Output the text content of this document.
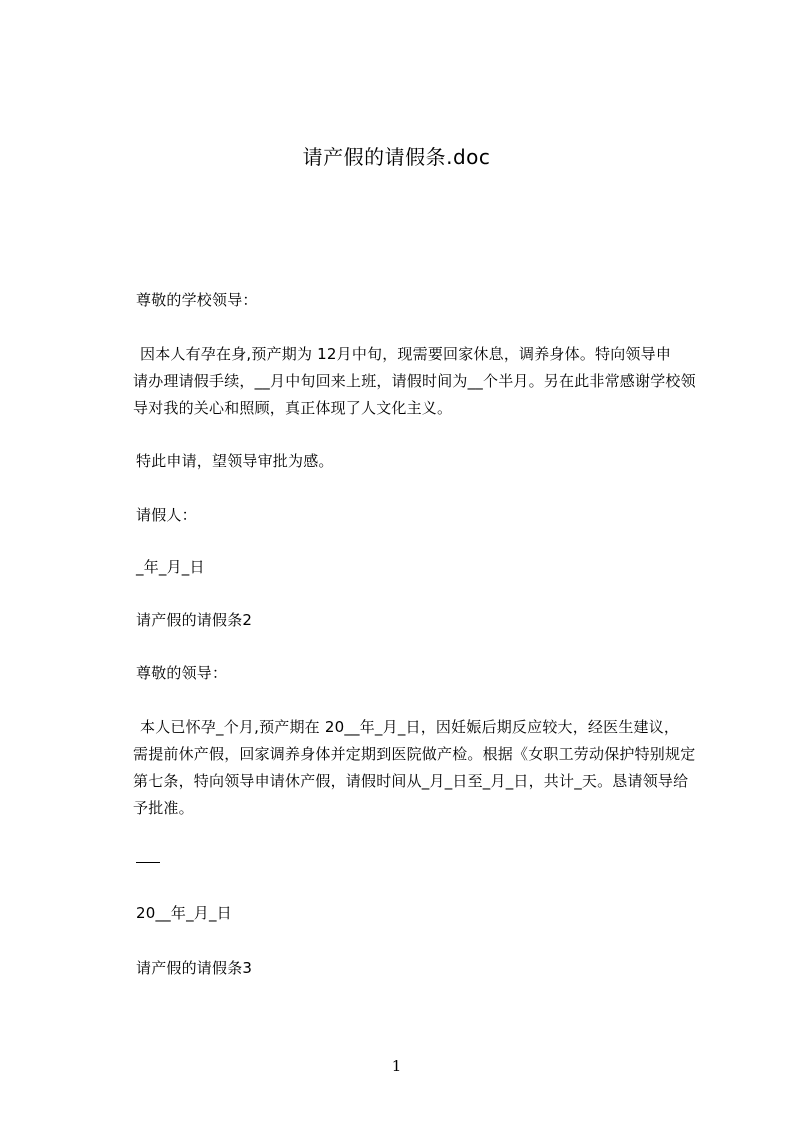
请产假的请假条.doc
尊敬的学校领导：
因本人有孕在身,预产期为 12月中旬，现需要回家休息，调养身体。特向领导申
请办理请假手续，__月中旬回来上班，请假时间为__个半月。另在此非常感谢学校领
导对我的关心和照顾，真正体现了人文化主义。
特此申请，望领导审批为感。
请假人：
_年_月_日
请产假的请假条2
尊敬的领导：
本人已怀孕_个月,预产期在 20__年_月_日，因妊娠后期反应较大，经医生建议，
需提前休产假，回家调养身体并定期到医院做产检。根据《女职工劳动保护特别规定
第七条，特向领导申请休产假，请假时间从_月_日至_月_日，共计_天。恳请领导给
予批准。
20__年_月_日
请产假的请假条3
1
